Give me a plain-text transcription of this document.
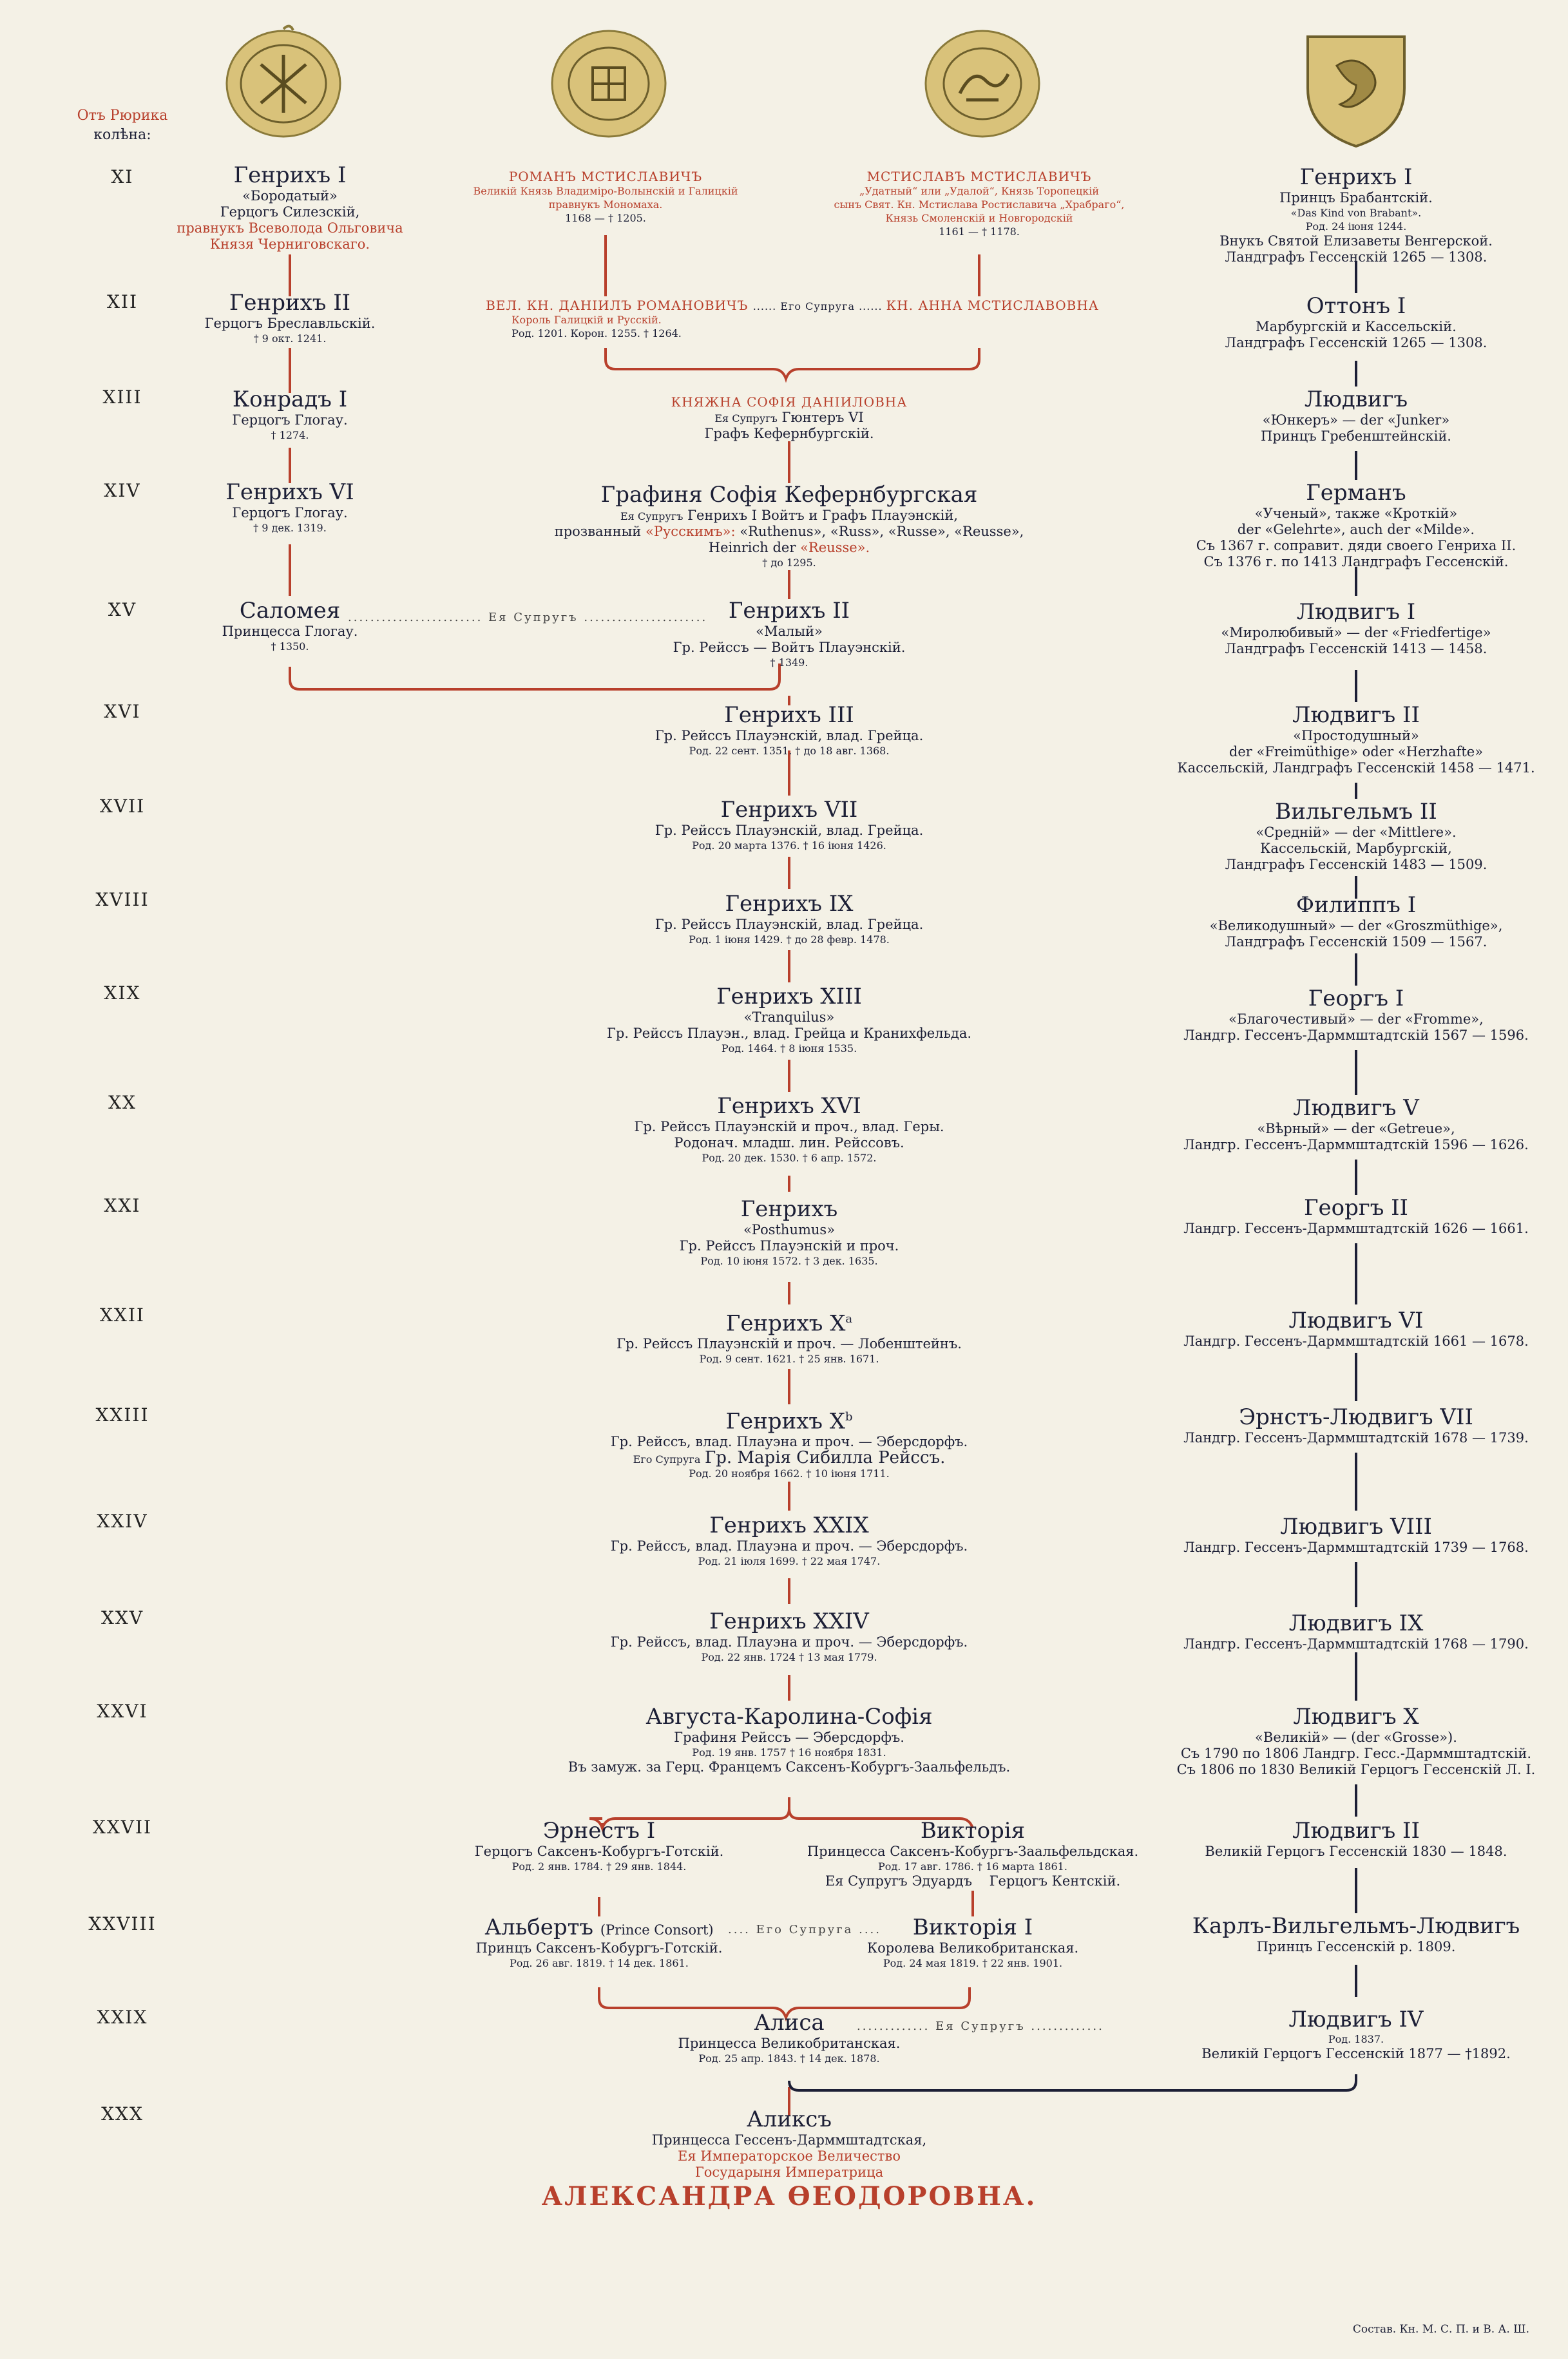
Отъ Рюрика
колѣна:
XI
XII
XIII
XIV
XV
XVI
XVII
XVIII
XIX
XX
XXI
XXII
XXIII
XXIV
XXV
XXVI
XXVII
XXVIII
XXIX
XXX
Генрихъ I
«Бородатый»
Герцогъ Силезскій,
правнукъ Всеволода Ольговича
Князя Черниговскаго.
Генрихъ II
Герцогъ Бреславльскій.
† 9 окт. 1241.
Конрадъ I
Герцогъ Глогау.
† 1274.
Генрихъ VI
Герцогъ Глогау.
† 9 дек. 1319.
Саломея
Принцесса Глогау.
† 1350.
........................ Ея Супругъ ......................
РОМАНЪ МСТИСЛАВИЧЪ
Великій Князь Владиміро-Волынскій и Галицкій
правнукъ Мономаха.
1168 — † 1205.
МСТИСЛАВЪ МСТИСЛАВИЧЪ
„Удатный“ или „Удалой“, Князь Торопецкій
сынъ Свят. Кн. Мстислава Ростиславича „Храбраго“,
Князь Смоленскій и Новгородскій
1161 — † 1178.
ВЕЛ. КН. ДАНІИЛЪ РОМАНОВИЧЪ ...... Его Супруга ...... КН. АННА МСТИСЛАВОВНА
Король Галицкій и Русскій.
Род. 1201. Корон. 1255. † 1264.
КНЯЖНА СОФІЯ ДАНІИЛОВНА
Ея Супругъ Гюнтеръ VI
Графъ Кефернбургскій.
Графиня Софія Кефернбургская
Ея Супругъ Генрихъ I Войтъ и Графъ Плауэнскій,
прозванный «Русскимъ»: «Ruthenus», «Russ», «Russe», «Reusse»,
Heinrich der «Reusse».
† до 1295.
Генрихъ II
«Малый»
Гр. Рейссъ — Войтъ Плауэнскій.
† 1349.
Генрихъ III
Гр. Рейссъ Плауэнскій, влад. Грейца.
Род. 22 сент. 1351. † до 18 авг. 1368.
Генрихъ VII
Гр. Рейссъ Плауэнскій, влад. Грейца.
Род. 20 марта 1376. † 16 іюня 1426.
Генрихъ IX
Гр. Рейссъ Плауэнскій, влад. Грейца.
Род. 1 іюня 1429. † до 28 февр. 1478.
Генрихъ XIII
«Tranquilus»
Гр. Рейссъ Плауэн., влад. Грейца и Кранихфельда.
Род. 1464. † 8 іюня 1535.
Генрихъ XVI
Гр. Рейссъ Плауэнскій и проч., влад. Геры.
Родонач. младш. лин. Рейссовъ.
Род. 20 дек. 1530. † 6 апр. 1572.
Генрихъ
«Posthumus»
Гр. Рейссъ Плауэнскій и проч.
Род. 10 іюня 1572. † 3 дек. 1635.
Генрихъ $X^a$
Гр. Рейссъ Плауэнскій и проч. — Лобенштейнъ.
Род. 9 сент. 1621. † 25 янв. 1671.
Генрихъ $X^b$
Гр. Рейссъ, влад. Плауэна и проч. — Эберсдорфъ.
Его Супруга Гр. Марія Сибилла Рейссъ.
Род. 20 ноября 1662. † 10 іюня 1711.
Генрихъ XXIX
Гр. Рейссъ, влад. Плауэна и проч. — Эберсдорфъ.
Род. 21 іюля 1699. † 22 мая 1747.
Генрихъ XXIV
Гр. Рейссъ, влад. Плауэна и проч. — Эберсдорфъ.
Род. 22 янв. 1724 † 13 мая 1779.
Августа-Каролина-Софія
Графиня Рейссъ — Эберсдорфъ.
Род. 19 янв. 1757 † 16 ноября 1831.
Въ замуж. за Герц. Францемъ Саксенъ-Кобургъ-Заальфельдъ.
Эрнестъ I
Герцогъ Саксенъ-Кобургъ-Готскій.
Род. 2 янв. 1784. † 29 янв. 1844.
Викторія
Принцесса Саксенъ-Кобургъ-Заальфельдская.
Род. 17 авг. 1786. † 16 марта 1861.
Ея Супругъ Эдуардъ Герцогъ Кентскій.
Альбертъ (Prince Consort)
Принцъ Саксенъ-Кобургъ-Готскій.
Род. 26 авг. 1819. † 14 дек. 1861.
.... Его Супруга ....	Викторія I
Королева Великобританская.
Род. 24 мая 1819. † 22 янв. 1901.
Алиса
Принцесса Великобританская.
Род. 25 апр. 1843. † 14 дек. 1878.
............. Ея Супругъ .............
Аликсъ
Принцесса Гессенъ-Дарммштадтская,
Ея Императорское Величество
Государыня Императрица
АЛЕКСАНДРА ѲЕОДОРОВНА.
Генрихъ I
Принцъ Брабантскій.
«Das Kind von Brabant».
Род. 24 іюня 1244.
Внукъ Святой Елизаветы Венгерской.
Ландграфъ Гессенскій 1265 — 1308.
Оттонъ I
Марбургскій и Кассельскій.
Ландграфъ Гессенскій 1265 — 1308.
Людвигъ
«Юнкеръ» — der «Junker»
Принцъ Гребенштейнскій.
Германъ
«Ученый», также «Кроткій»
der «Gelehrte», auch der «Milde».
Съ 1367 г. соправит. дяди своего Генриха II.
Съ 1376 г. по 1413 Ландграфъ Гессенскій.
Людвигъ I
«Миролюбивый» — der «Friedfertige»
Ландграфъ Гессенскій 1413 — 1458.
Людвигъ II
«Простодушный»
der «Freimüthige» oder «Herzhafte»
Кассельскій, Ландграфъ Гессенскій 1458 — 1471.
Вильгельмъ II
«Средній» — der «Mittlere».
Кассельскій, Марбургскій,
Ландграфъ Гессенскій 1483 — 1509.
Филиппъ I
«Великодушный» — der «Groszmüthige»,
Ландграфъ Гессенскій 1509 — 1567.
Георгъ I
«Благочестивый» — der «Fromme»,
Ландгр. Гессенъ-Дарммштадтскій 1567 — 1596.
Людвигъ V
«Вѣрный» — der «Getreue»,
Ландгр. Гессенъ-Дарммштадтскій 1596 — 1626.
Георгъ II
Ландгр. Гессенъ-Дарммштадтскій 1626 — 1661.
Людвигъ VI
Ландгр. Гессенъ-Дарммштадтскій 1661 — 1678.
Эрнстъ-Людвигъ VII
Ландгр. Гессенъ-Дарммштадтскій 1678 — 1739.
Людвигъ VIII
Ландгр. Гессенъ-Дарммштадтскій 1739 — 1768.
Людвигъ IX
Ландгр. Гессенъ-Дарммштадтскій 1768 — 1790.
Людвигъ X
«Великій» — (der «Grosse»).
Съ 1790 по 1806 Ландгр. Гесс.-Дарммштадтскій.
Съ 1806 по 1830 Великій Герцогъ Гессенскій Л. I.
Людвигъ II
Великій Герцогъ Гессенскій 1830 — 1848.
Карлъ-Вильгельмъ-Людвигъ
Принцъ Гессенскій р. 1809.
Людвигъ IV
Род. 1837.
Великій Герцогъ Гессенскій 1877 — †1892.
Состав. Кн. М. С. П. и В. А. Ш.
